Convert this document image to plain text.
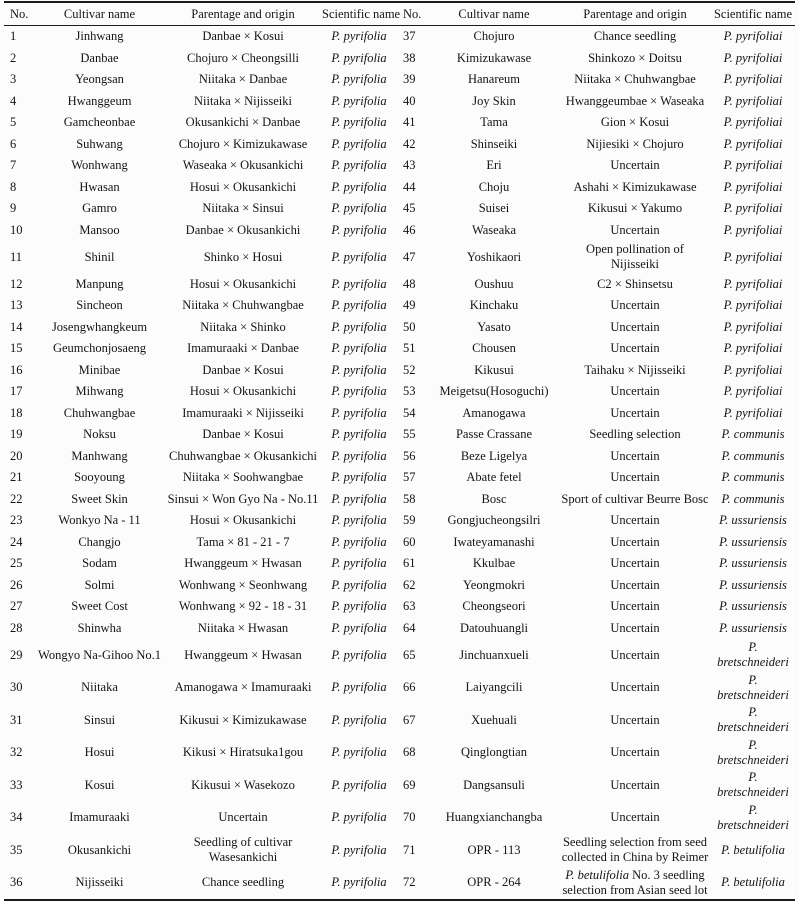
No.	Cultivar name	Parentage and origin	Scientific name	No.	Cultivar name	Parentage and origin	Scientific name
1	Jinhwang	Danbae × Kosui	P. pyrifolia	37	Chojuro	Chance seedling	P. pyrifoliai
2	Danbae	Chojuro × Cheongsilli	P. pyrifolia	38	Kimizukawase	Shinkozo × Doitsu	P. pyrifoliai
3	Yeongsan	Niitaka × Danbae	P. pyrifolia	39	Hanareum	Niitaka × Chuhwangbae	P. pyrifoliai
4	Hwanggeum	Niitaka × Nijisseiki	P. pyrifolia	40	Joy Skin	Hwanggeumbae × Waseaka	P. pyrifoliai
5	Gamcheonbae	Okusankichi × Danbae	P. pyrifolia	41	Tama	Gion × Kosui	P. pyrifoliai
6	Suhwang	Chojuro × Kimizukawase	P. pyrifolia	42	Shinseiki	Nijiesiki × Chojuro	P. pyrifoliai
7	Wonhwang	Waseaka × Okusankichi	P. pyrifolia	43	Eri	Uncertain	P. pyrifoliai
8	Hwasan	Hosui × Okusankichi	P. pyrifolia	44	Choju	Ashahi × Kimizukawase	P. pyrifoliai
9	Gamro	Niitaka × Sinsui	P. pyrifolia	45	Suisei	Kikusui × Yakumo	P. pyrifoliai
10	Mansoo	Danbae × Okusankichi	P. pyrifolia	46	Waseaka	Uncertain	P. pyrifoliai
11	Shinil	Shinko × Hosui	P. pyrifolia	47	Yoshikaori	Open pollination of Nijisseiki	P. pyrifoliai
12	Manpung	Hosui × Okusankichi	P. pyrifolia	48	Oushuu	C2 × Shinsetsu	P. pyrifoliai
13	Sincheon	Niitaka × Chuhwangbae	P. pyrifolia	49	Kinchaku	Uncertain	P. pyrifoliai
14	Josengwhangkeum	Niitaka × Shinko	P. pyrifolia	50	Yasato	Uncertain	P. pyrifoliai
15	Geumchonjosaeng	Imamuraaki × Danbae	P. pyrifolia	51	Chousen	Uncertain	P. pyrifoliai
16	Minibae	Danbae × Kosui	P. pyrifolia	52	Kikusui	Taihaku × Nijisseiki	P. pyrifoliai
17	Mihwang	Hosui × Okusankichi	P. pyrifolia	53	Meigetsu(Hosoguchi)	Uncertain	P. pyrifoliai
18	Chuhwangbae	Imamuraaki × Nijisseiki	P. pyrifolia	54	Amanogawa	Uncertain	P. pyrifoliai
19	Noksu	Danbae × Kosui	P. pyrifolia	55	Passe Crassane	Seedling selection	P. communis
20	Manhwang	Chuhwangbae × Okusankichi	P. pyrifolia	56	Beze Ligelya	Uncertain	P. communis
21	Sooyoung	Niitaka × Soohwangbae	P. pyrifolia	57	Abate fetel	Uncertain	P. communis
22	Sweet Skin	Sinsui × Won Gyo Na - No.11	P. pyrifolia	58	Bosc	Sport of cultivar Beurre Bosc	P. communis
23	Wonkyo Na - 11	Hosui × Okusankichi	P. pyrifolia	59	Gongjucheongsilri	Uncertain	P. ussuriensis
24	Changjo	Tama × 81 - 21 - 7	P. pyrifolia	60	Iwateyamanashi	Uncertain	P. ussuriensis
25	Sodam	Hwanggeum × Hwasan	P. pyrifolia	61	Kkulbae	Uncertain	P. ussuriensis
26	Solmi	Wonhwang × Seonhwang	P. pyrifolia	62	Yeongmokri	Uncertain	P. ussuriensis
27	Sweet Cost	Wonhwang × 92 - 18 - 31	P. pyrifolia	63	Cheongseori	Uncertain	P. ussuriensis
28	Shinwha	Niitaka × Hwasan	P. pyrifolia	64	Datouhuangli	Uncertain	P. ussuriensis
29	Wongyo Na-Gihoo No.1	Hwanggeum × Hwasan	P. pyrifolia	65	Jinchuanxueli	Uncertain	P. bretschneideri
30	Niitaka	Amanogawa × Imamuraaki	P. pyrifolia	66	Laiyangcili	Uncertain	P. bretschneideri
31	Sinsui	Kikusui × Kimizukawase	P. pyrifolia	67	Xuehuali	Uncertain	P. bretschneideri
32	Hosui	Kikusi × Hiratsuka1gou	P. pyrifolia	68	Qinglongtian	Uncertain	P. bretschneideri
33	Kosui	Kikusui × Wasekozo	P. pyrifolia	69	Dangsansuli	Uncertain	P. bretschneideri
34	Imamuraaki	Uncertain	P. pyrifolia	70	Huangxianchangba	Uncertain	P. bretschneideri
35	Okusankichi	Seedling of cultivar Wasesankichi	P. pyrifolia	71	OPR - 113	Seedling selection from seed collected in China by Reimer	P. betulifolia
36	Nijisseiki	Chance seedling	P. pyrifolia	72	OPR - 264	P. betulifolia No. 3 seedling selection from Asian seed lot	P. betulifolia
